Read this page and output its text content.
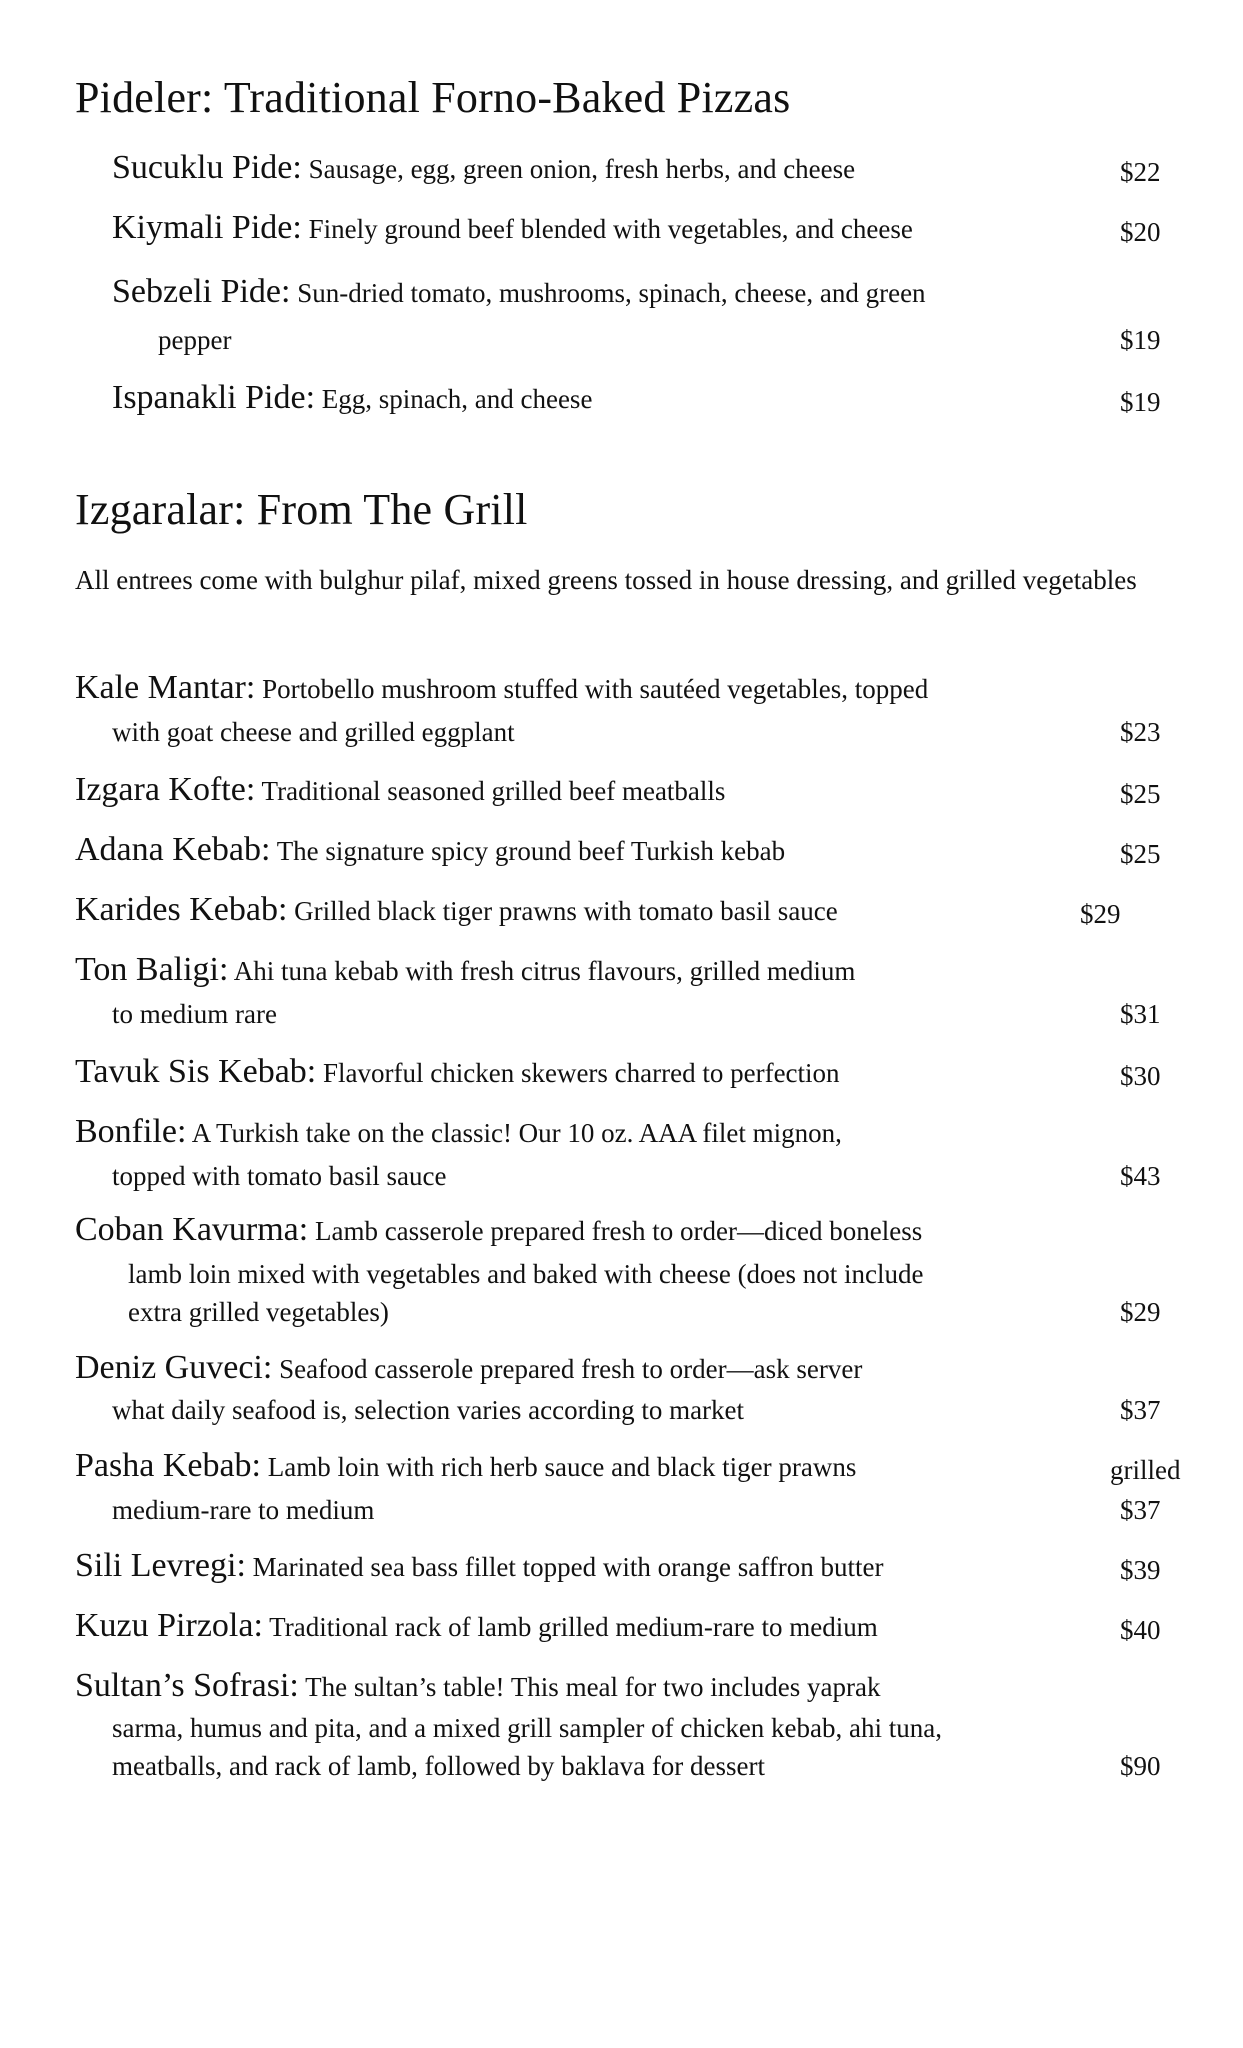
Pideler: Traditional Forno-Baked Pizzas
Sucuklu Pide: Sausage, egg, green onion, fresh herbs, and cheese	$22
Kiymali Pide: Finely ground beef blended with vegetables, and cheese	$20
Sebzeli Pide: Sun-dried tomato, mushrooms, spinach, cheese, and green
pepper	$19
Ispanakli Pide: Egg, spinach, and cheese	$19
Izgaralar: From The Grill
All entrees come with bulghur pilaf, mixed greens tossed in house dressing, and grilled vegetables
Kale Mantar: Portobello mushroom stuffed with sautéed vegetables, topped
with goat cheese and grilled eggplant	$23
Izgara Kofte: Traditional seasoned grilled beef meatballs	$25
Adana Kebab: The signature spicy ground beef Turkish kebab	$25
Karides Kebab: Grilled black tiger prawns with tomato basil sauce	$29
Ton Baligi: Ahi tuna kebab with fresh citrus flavours, grilled medium
to medium rare	$31
Tavuk Sis Kebab: Flavorful chicken skewers charred to perfection	$30
Bonfile: A Turkish take on the classic! Our 10 oz. AAA filet mignon,
topped with tomato basil sauce	$43
Coban Kavurma: Lamb casserole prepared fresh to order—diced boneless
lamb loin mixed with vegetables and baked with cheese (does not include
extra grilled vegetables)	$29
Deniz Guveci: Seafood casserole prepared fresh to order—ask server
what daily seafood is, selection varies according to market	$37
Pasha Kebab: Lamb loin with rich herb sauce and black tiger prawns	grilled
medium-rare to medium	$37
Sili Levregi: Marinated sea bass fillet topped with orange saffron butter	$39
Kuzu Pirzola: Traditional rack of lamb grilled medium-rare to medium	$40
Sultan’s Sofrasi: The sultan’s table! This meal for two includes yaprak
sarma, humus and pita, and a mixed grill sampler of chicken kebab, ahi tuna,
meatballs, and rack of lamb, followed by baklava for dessert	$90
